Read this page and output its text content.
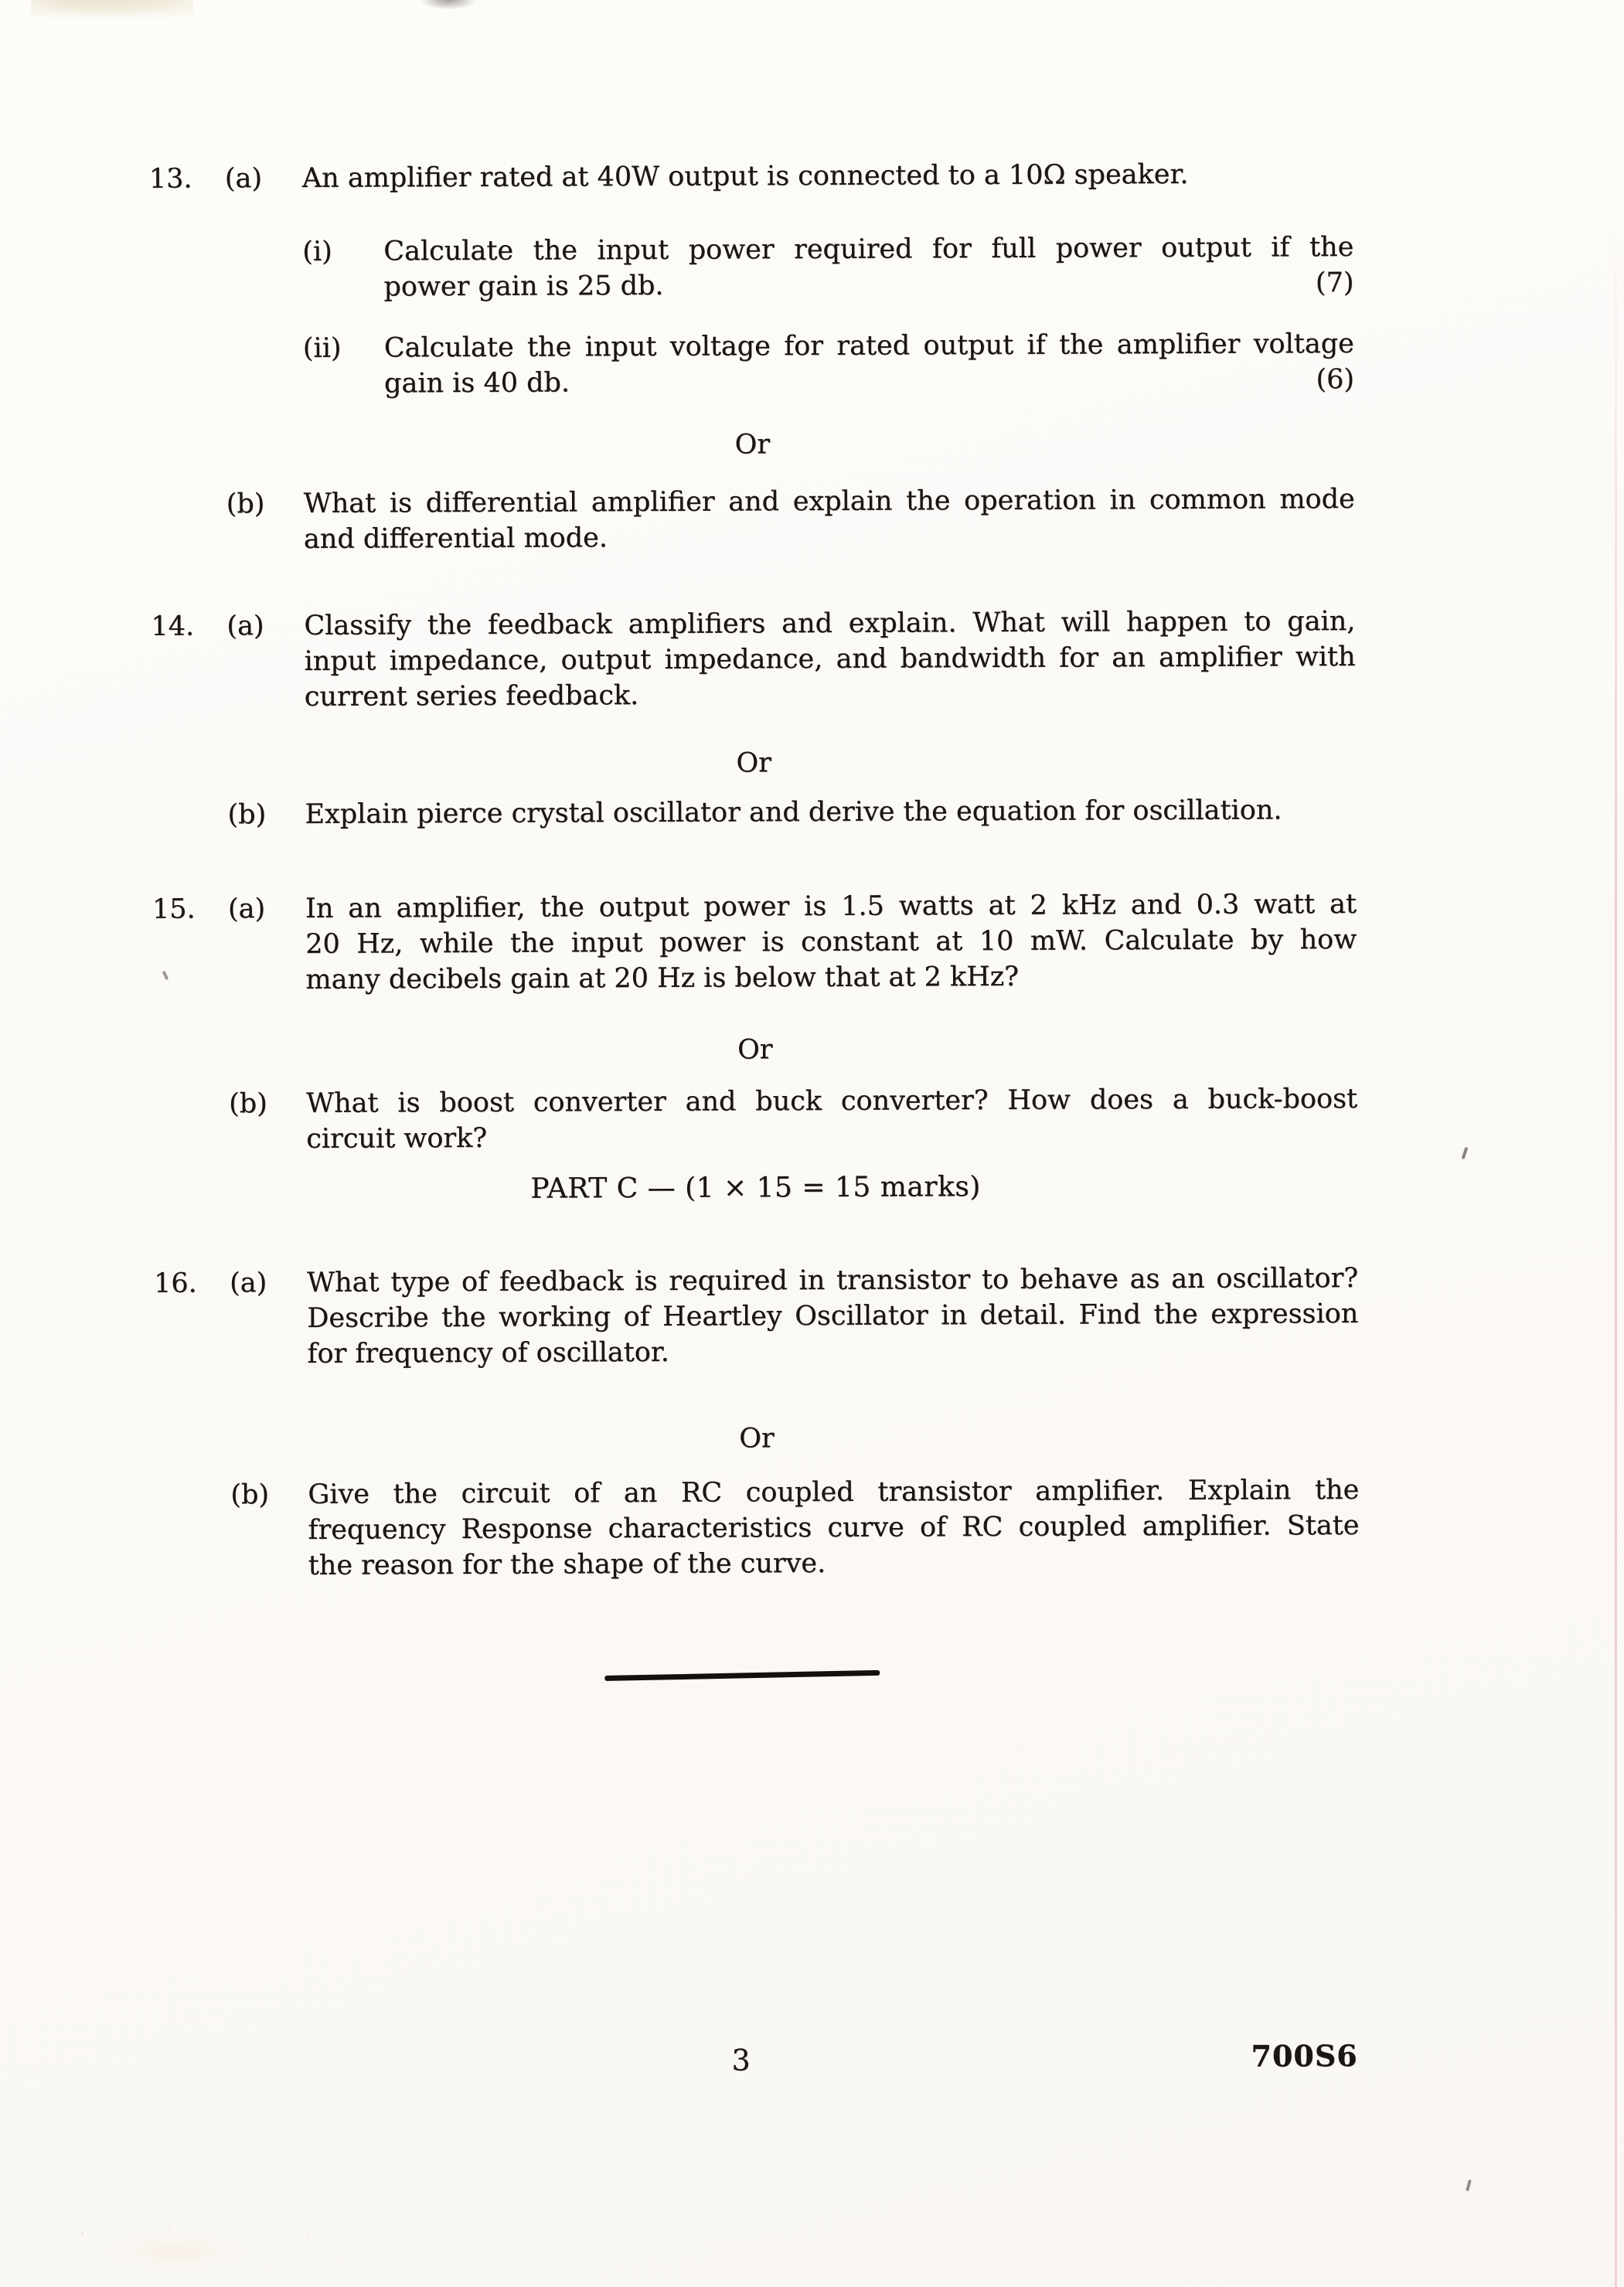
13.	(a)	An amplifier rated at 40W output is connected to a 10Ω speaker.
(i)	Calculate the input power required for full power output if the
power gain is 25 db.	(7)
(ii)	Calculate the input voltage for rated output if the amplifier voltage
gain is 40 db.	(6)
Or
(b)	What is differential amplifier and explain the operation in common mode
and differential mode.
14.	(a)	Classify the feedback amplifiers and explain. What will happen to gain,
input impedance, output impedance, and bandwidth for an amplifier with
current series feedback.
Or
(b)	Explain pierce crystal oscillator and derive the equation for oscillation.
15.	(a)	In an amplifier, the output power is 1.5 watts at 2 kHz and 0.3 watt at
20 Hz, while the input power is constant at 10 mW. Calculate by how
many decibels gain at 20 Hz is below that at 2 kHz?
Or
(b)	What is boost converter and buck converter? How does a buck-boost
circuit work?
PART C — (1 × 15 = 15 marks)
16.	(a)	What type of feedback is required in transistor to behave as an oscillator?
Describe the working of Heartley Oscillator in detail. Find the expression
for frequency of oscillator.
Or
(b)	Give the circuit of an RC coupled transistor amplifier. Explain the
frequency Response characteristics curve of RC coupled amplifier. State
the reason for the shape of the curve.
3	700S6
